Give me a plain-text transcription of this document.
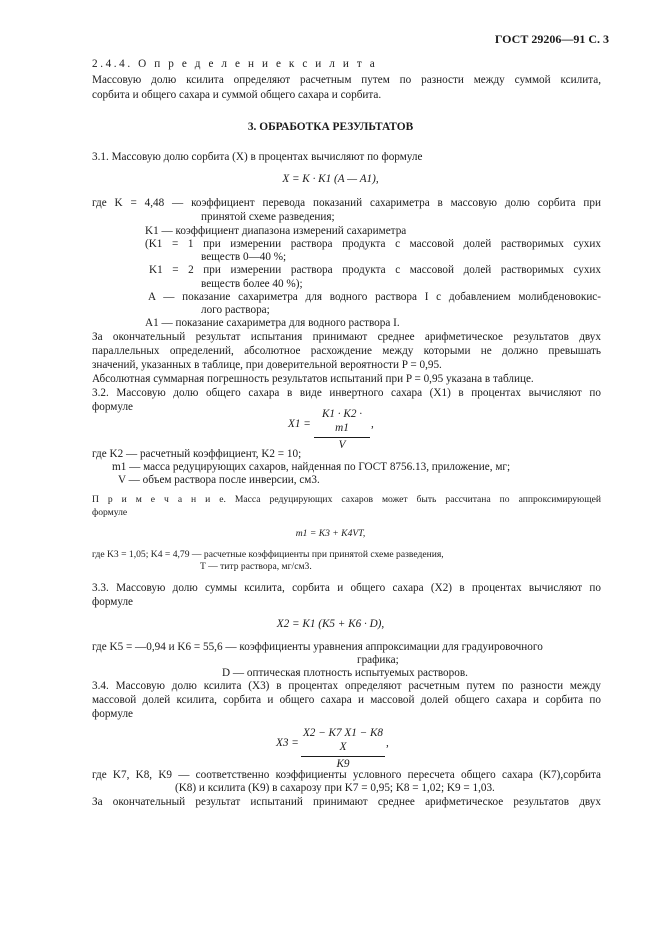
ГОСТ 29206—91 С. 3
2.4.4. О п р е д е л е н и е к с и л и т а
Массовую долю ксилита определяют расчетным путем по разности между суммой ксилита,
сорбита и общего сахара и суммой общего сахара и сорбита.
3. ОБРАБОТКА РЕЗУЛЬТАТОВ
3.1. Массовую долю сорбита (X) в процентах вычисляют по формуле
X = K · K1 (A — A1),
где K = 4,48 — коэффициент перевода показаний сахариметра в массовую долю сорбита при
принятой схеме разведения;
K1 — коэффициент диапазона измерений сахариметра
(K1 = 1 при измерении раствора продукта с массовой долей растворимых сухих
веществ 0—40 %;
K1 = 2 при измерении раствора продукта с массовой долей растворимых сухих
веществ более 40 %);
A — показание сахариметра для водного раствора I с добавлением молибденовокис-
лого раствора;
A1 — показание сахариметра для водного раствора I.
За окончательный результат испытания принимают среднее арифметическое результатов двух
параллельных определений, абсолютное расхождение между которыми не должно превышать
значений, указанных в таблице, при доверительной вероятности P = 0,95.
Абсолютная суммарная погрешность результатов испытаний при P = 0,95 указана в таблице.
3.2. Массовую долю общего сахара в виде инвертного сахара (X1) в процентах вычисляют по
формуле
X1 =
K1 · K2 · m1
V
,
где K2 — расчетный коэффициент, K2 = 10;
m1 — масса редуцирующих сахаров, найденная по ГОСТ 8756.13, приложение, мг;
V — объем раствора после инверсии, см3.
П р и м е ч а н и е. Масса редуцирующих сахаров может быть рассчитана по аппроксимирующей
формуле
m1 = K3 + K4VT,
где K3 = 1,05; K4 = 4,79 — расчетные коэффициенты при принятой схеме разведения,
T — титр раствора, мг/см3.
3.3. Массовую долю суммы ксилита, сорбита и общего сахара (X2) в процентах вычисляют по
формуле
X2 = K1 (K5 + K6 · D),
где K5 = —0,94 и K6 = 55,6 — коэффициенты уравнения аппроксимации для градуировочного
графика;
D — оптическая плотность испытуемых растворов.
3.4. Массовую долю ксилита (X3) в процентах определяют расчетным путем по разности между
массовой долей ксилита, сорбита и общего сахара и массовой долей общего сахара и сорбита по
формуле
X3 =
X2 − K7 X1 − K8 X
K9
,
где K7, K8, K9 — соответственно коэффициенты условного пересчета общего сахара (K7),сорбита
(K8) и ксилита (K9) в сахарозу при K7 = 0,95; K8 = 1,02; K9 = 1,03.
За окончательный результат испытаний принимают среднее арифметическое результатов двух
